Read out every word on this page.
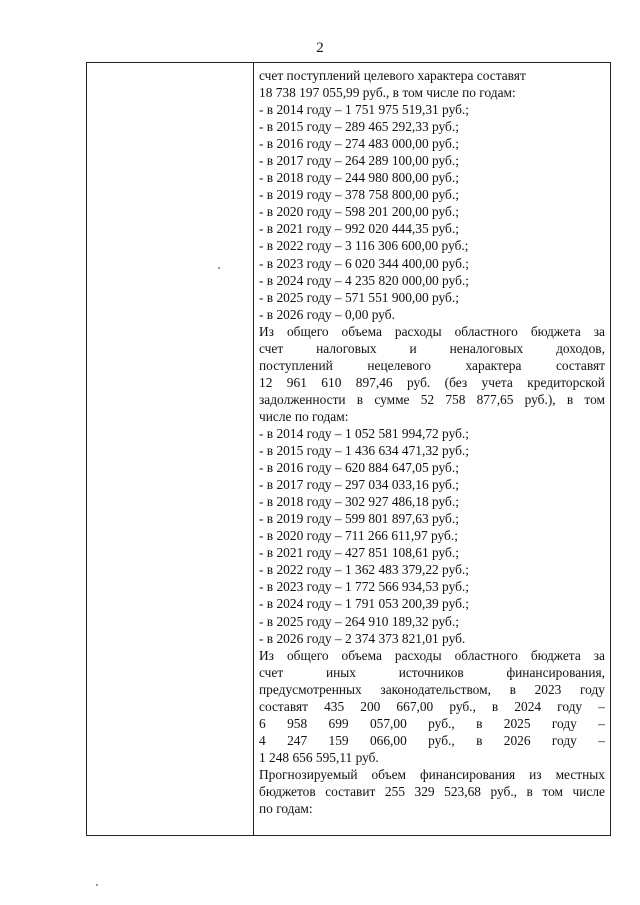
2
счет поступлений целевого характера составят
18 738 197 055,99 руб., в том числе по годам:
- в 2014 году – 1 751 975 519,31 руб.;
- в 2015 году – 289 465 292,33 руб.;
- в 2016 году – 274 483 000,00 руб.;
- в 2017 году – 264 289 100,00 руб.;
- в 2018 году – 244 980 800,00 руб.;
- в 2019 году – 378 758 800,00 руб.;
- в 2020 году – 598 201 200,00 руб.;
- в 2021 году – 992 020 444,35 руб.;
- в 2022 году – 3 116 306 600,00 руб.;
- в 2023 году – 6 020 344 400,00 руб.;
- в 2024 году – 4 235 820 000,00 руб.;
- в 2025 году – 571 551 900,00 руб.;
- в 2026 году – 0,00 руб.
Из общего объема расходы областного бюджета за
счет налоговых и неналоговых доходов,
поступлений	нецелевого	характера	составят
12 961 610 897,46 руб. (без учета кредиторской
задолженности в сумме 52 758 877,65 руб.), в том
числе по годам:
- в 2014 году – 1 052 581 994,72 руб.;
- в 2015 году – 1 436 634 471,32 руб.;
- в 2016 году – 620 884 647,05 руб.;
- в 2017 году – 297 034 033,16 руб.;
- в 2018 году – 302 927 486,18 руб.;
- в 2019 году – 599 801 897,63 руб.;
- в 2020 году – 711 266 611,97 руб.;
- в 2021 году – 427 851 108,61 руб.;
- в 2022 году – 1 362 483 379,22 руб.;
- в 2023 году – 1 772 566 934,53 руб.;
- в 2024 году – 1 791 053 200,39 руб.;
- в 2025 году – 264 910 189,32 руб.;
- в 2026 году – 2 374 373 821,01 руб.
Из общего объема расходы областного бюджета за
счет	иных	источников	финансирования,
предусмотренных законодательством, в 2023 году
составят 435 200 667,00 руб., в 2024 году –
6 958 699 057,00 руб., в 2025 году –
4 247 159 066,00 руб., в 2026 году –
1 248 656 595,11 руб.
Прогнозируемый объем финансирования из местных
бюджетов составит 255 329 523,68 руб., в том числе
по годам:
